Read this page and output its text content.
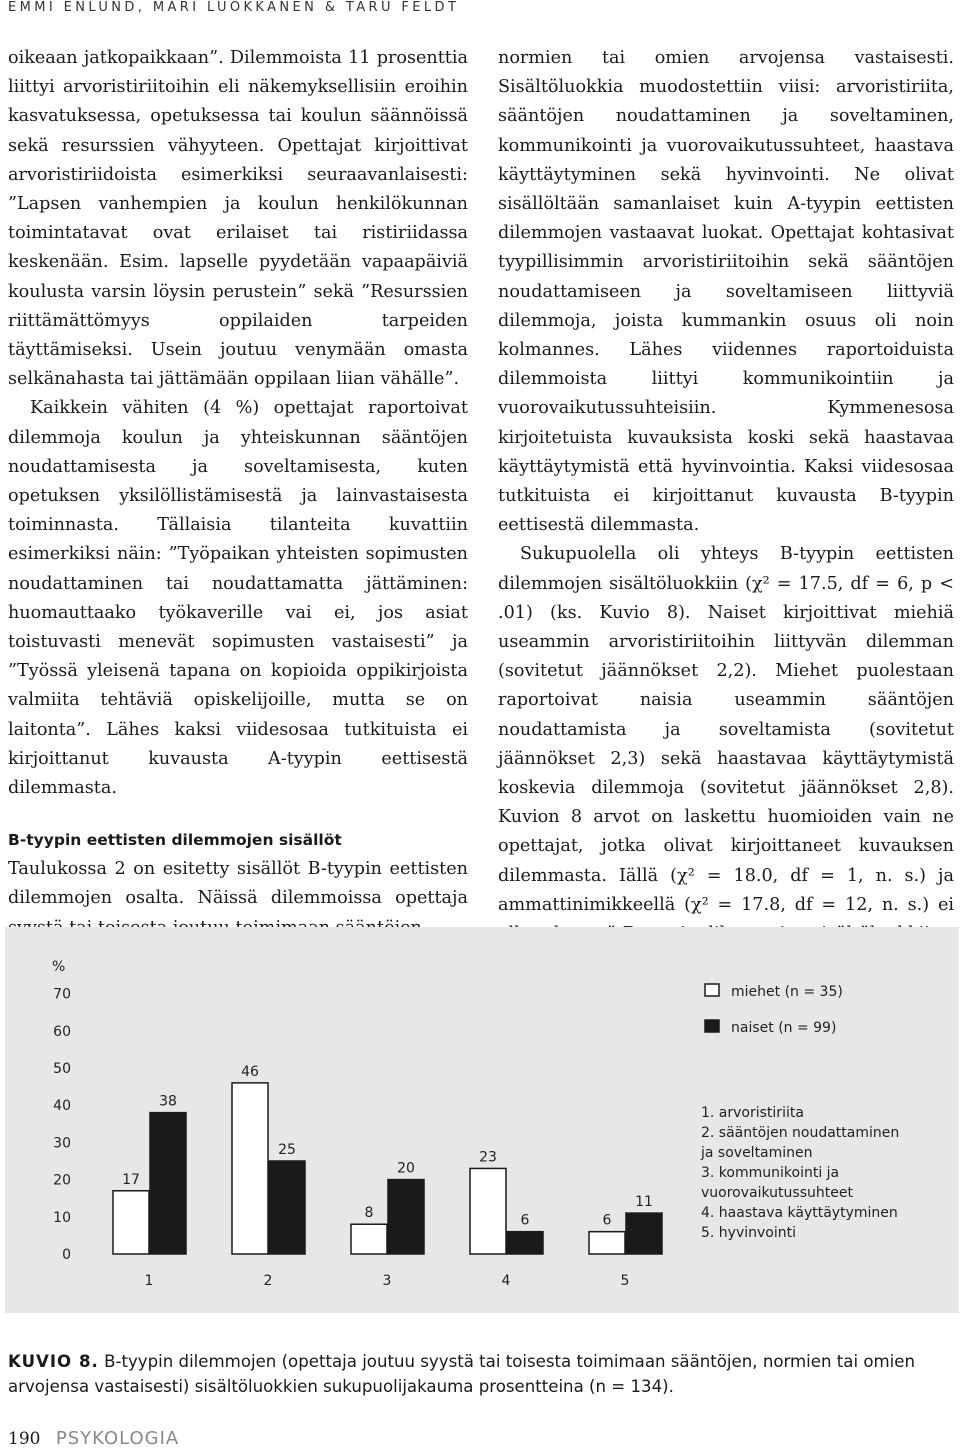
EMMI ENLUND, MARI LUOKKANEN & TARU FELDT

oikeaan jatkopaikkaan”. Dilemmoista 11 prosenttia liittyi arvoristiriitoihin eli näkemyksellisiin eroihin kasvatuksessa, opetuksessa tai koulun säännöissä sekä resurssien vähyyteen. Opettajat kirjoittivat arvoristiriidoista esimerkiksi seuraavanlaisesti: ”Lapsen vanhempien ja koulun henkilökunnan toimintatavat ovat erilaiset tai ristiriidassa keskenään. Esim. lapselle pyydetään vapaapäiviä koulusta varsin löysin perustein” sekä ”Resurssien riittämättömyys oppilaiden tarpeiden täyttämiseksi. Usein joutuu venymään omasta selkänahasta tai jättämään oppilaan liian vähälle”.

Kaikkein vähiten (4 %) opettajat raportoivat dilemmoja koulun ja yhteiskunnan sääntöjen noudattamisesta ja soveltamisesta, kuten opetuksen yksilöllistämisestä ja lainvastaisesta toiminnasta. Tällaisia tilanteita kuvattiin esimerkiksi näin: ”Työpaikan yhteisten sopimusten noudattaminen tai noudattamatta jättäminen: huomauttaako työkaverille vai ei, jos asiat toistuvasti menevät sopimusten vastaisesti” ja ”Työssä yleisenä tapana on kopioida oppikirjoista valmiita tehtäviä opiskelijoille, mutta se on laitonta”. Lähes kaksi viidesosaa tutkituista ei kirjoittanut kuvausta A-tyypin eettisestä dilemmasta.

B-tyypin eettisten dilemmojen sisällöt

Taulukossa 2 on esitetty sisällöt B-tyypin eettisten dilemmojen osalta. Näissä dilemmoissa opettaja

normien tai omien arvojensa vastaisesti. Sisältöluokkia muodostettiin viisi: arvoristiriita, sääntöjen noudattaminen ja soveltaminen, kommunikointi ja vuorovaikutussuhteet, haastava käyttäytyminen sekä hyvinvointi. Ne olivat sisällöltään samanlaiset kuin A-tyypin eettisten dilemmojen vastaavat luokat. Opettajat kohtasivat tyypillisimmin arvoristiriitoihin sekä sääntöjen noudattamiseen ja soveltamiseen liittyviä dilemmoja, joista kummankin osuus oli noin kolmannes. Lähes viidennes raportoiduista dilemmoista liittyi kommunikointiin ja vuorovaikutussuhteisiin. Kymmenesosa kirjoitetuista kuvauksista koski sekä haastavaa käyttäytymistä että hyvinvointia. Kaksi viidesosaa tutkituista ei kirjoittanut kuvausta B-tyypin eettisestä dilemmasta.

Sukupuolella oli yhteys B-tyypin eettisten dilemmojen sisältöluokkiin (χ² = 17.5, df = 6, p < .01) (ks. Kuvio 8). Naiset kirjoittivat miehiä useammin arvoristiriitoihin liittyvän dilemman (sovitetut jäännökset 2,2). Miehet puolestaan raportoivat naisia useammin sääntöjen noudattamista ja soveltamista (sovitetut jäännökset 2,3) sekä haastavaa käyttäytymistä koskevia dilemmoja (sovitetut jäännökset 2,8). Kuvion 8 arvot on laskettu huomioiden vain ne opettajat, jotka olivat kirjoittaneet kuvauksen dilemmasta. Iällä (χ² = 18.0, df = 1, n. s.) ja ammattinimikkeellä (χ² = 17.8, df = 12, n. s.) ei

%
0
10
20
30
40
50
60
70
17
38
1
46
25
2
8
20
3
23
6
4
6
11
5
miehet (n = 35)
naiset (n = 99)
1. arvoristiriita
2. sääntöjen noudattaminen
ja soveltaminen
3. kommunikointi ja
vuorovaikutussuhteet
4. haastava käyttäytyminen
5. hyvinvointi
KUVIO 8. B-tyypin dilemmojen (opettaja joutuu syystä tai toisesta toimimaan sääntöjen, normien tai omien arvojensa vastaisesti) sisältöluokkien sukupuolijakauma prosentteina (n = 134).
190 PSYKOLOGIA
